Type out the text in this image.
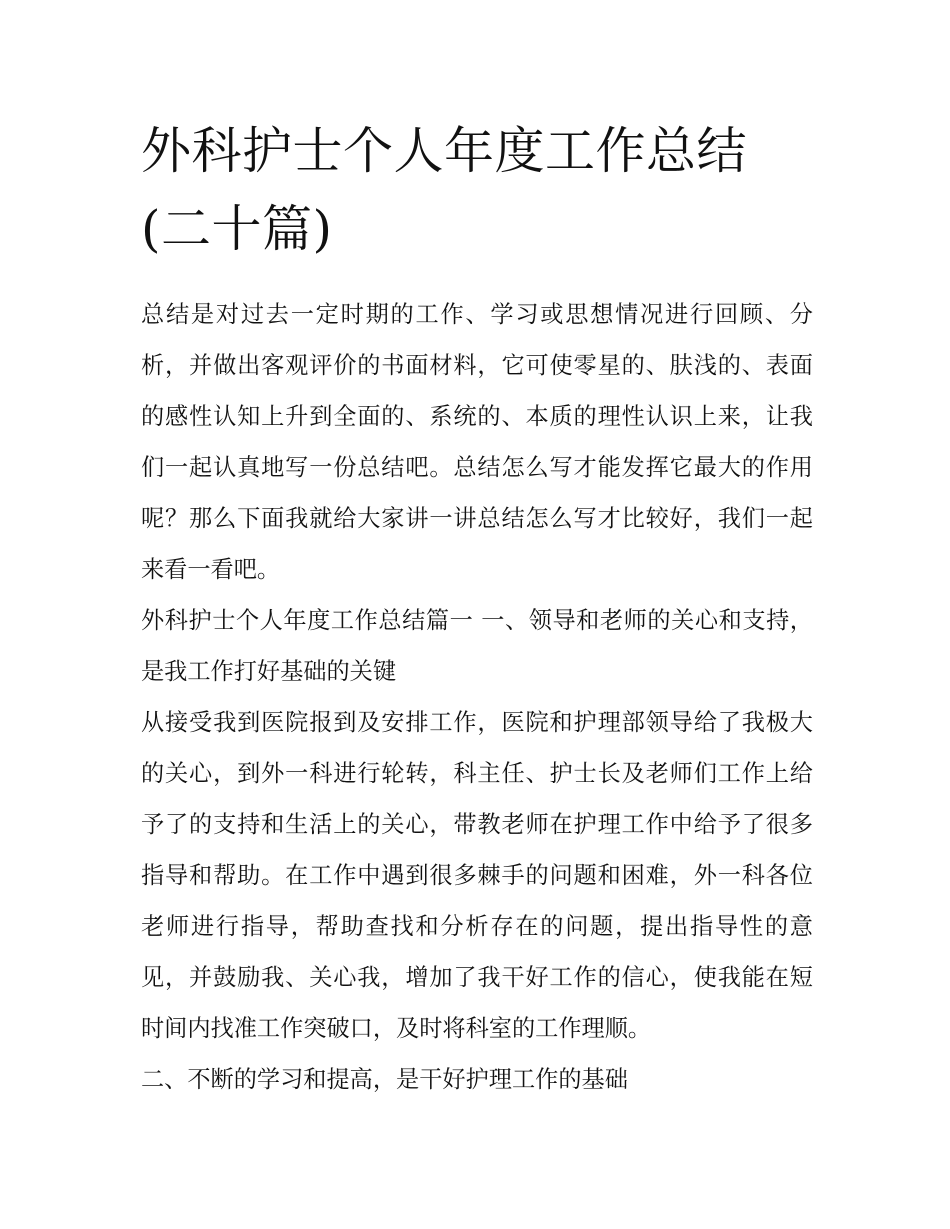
外科护士个人年度工作总结(二十篇)

总结是对过去一定时期的工作、学习或思想情况进行回顾、分析，并做出客观评价的书面材料，它可使零星的、肤浅的、表面的感性认知上升到全面的、系统的、本质的理性认识上来，让我们一起认真地写一份总结吧。总结怎么写才能发挥它最大的作用呢？那么下面我就给大家讲一讲总结怎么写才比较好，我们一起来看一看吧。

外科护士个人年度工作总结篇一 一、领导和老师的关心和支持，是我工作打好基础的关键

从接受我到医院报到及安排工作，医院和护理部领导给了我极大的关心，到外一科进行轮转，科主任、护士长及老师们工作上给予了的支持和生活上的关心，带教老师在护理工作中给予了很多指导和帮助。在工作中遇到很多棘手的问题和困难，外一科各位老师进行指导，帮助查找和分析存在的问题，提出指导性的意见，并鼓励我、关心我，增加了我干好工作的信心，使我能在短时间内找准工作突破口，及时将科室的工作理顺。

二、不断的学习和提高，是干好护理工作的基础
